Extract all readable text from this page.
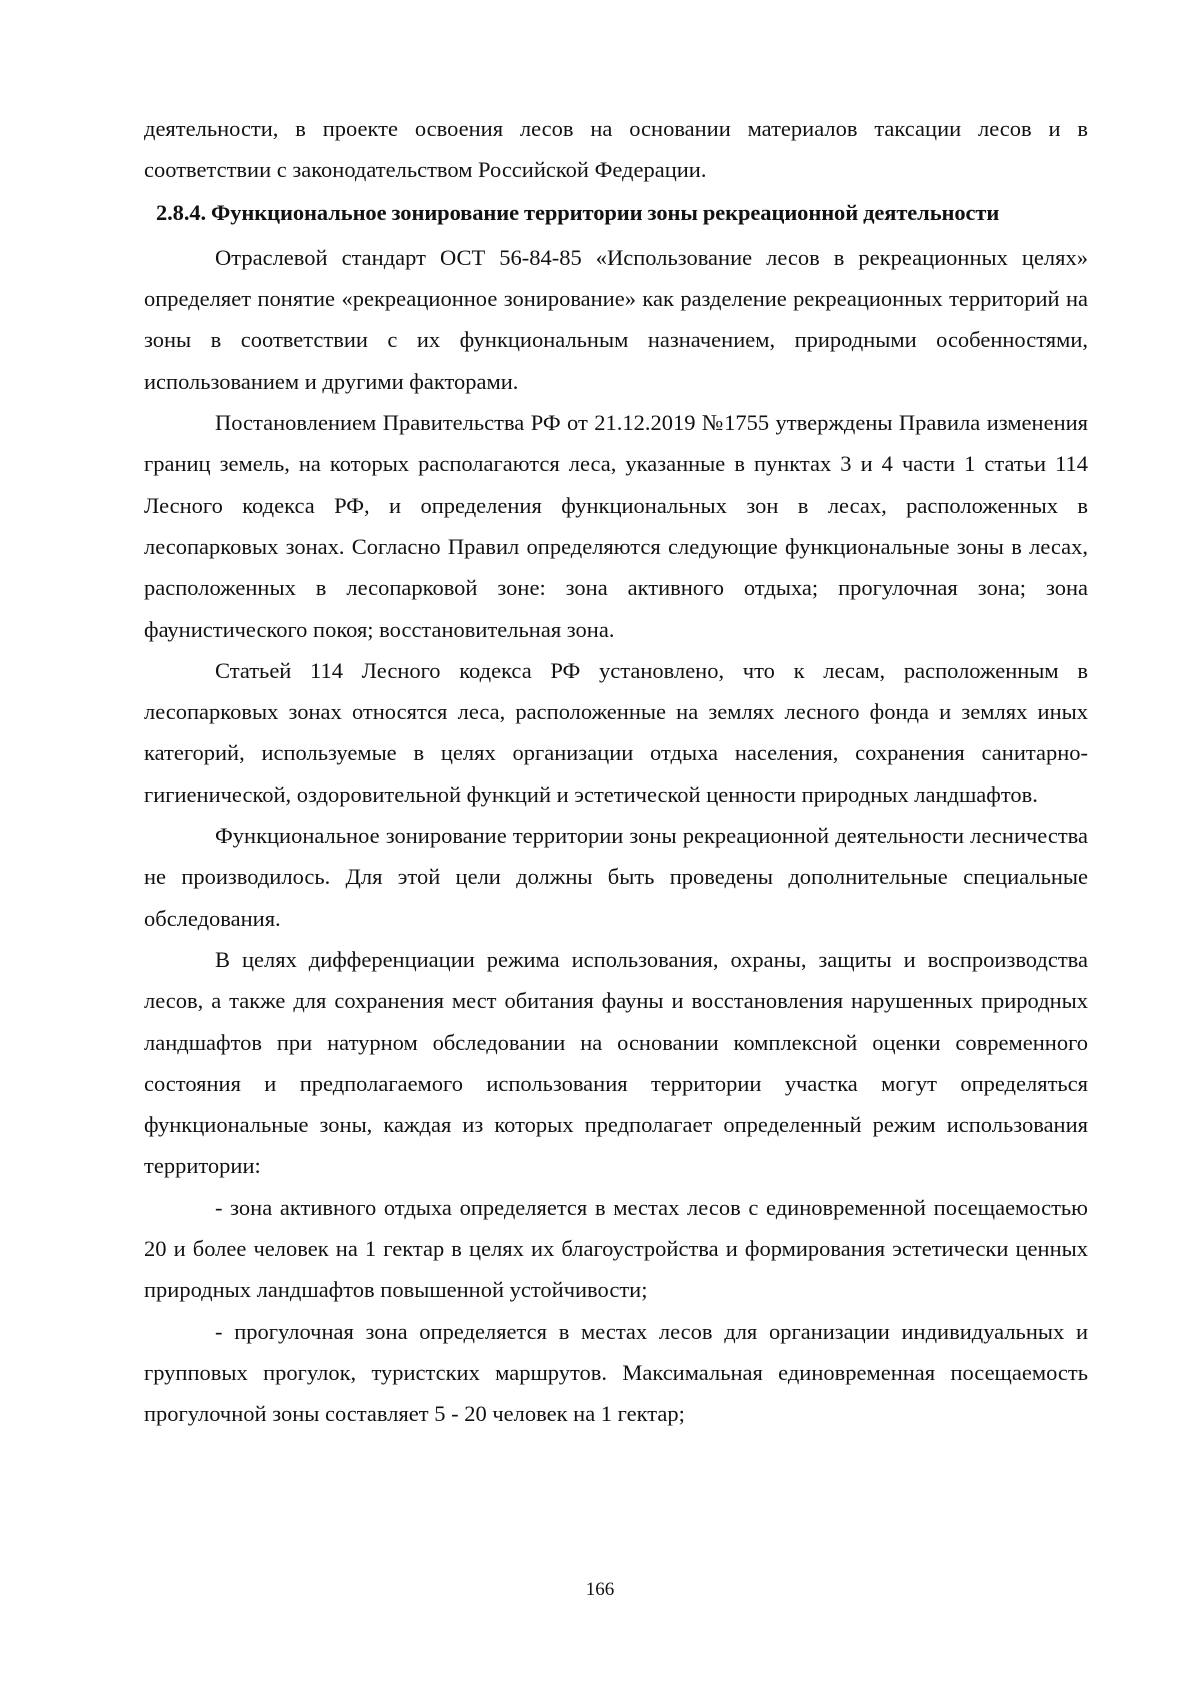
деятельности, в проекте освоения лесов на основании материалов таксации лесов и в соответствии с законодательством Российской Федерации.

2.8.4. Функциональное зонирование территории зоны рекреационной деятельности

Отраслевой стандарт ОСТ 56-84-85 «Использование лесов в рекреационных целях» определяет понятие «рекреационное зонирование» как разделение рекреационных территорий на зоны в соответствии с их функциональным назначением, природными особенностями, использованием и другими факторами.

Постановлением Правительства РФ от 21.12.2019 №1755 утверждены Правила изменения границ земель, на которых располагаются леса, указанные в пунктах 3 и 4 части 1 статьи 114 Лесного кодекса РФ, и определения функциональных зон в лесах, расположенных в лесопарковых зонах. Согласно Правил определяются следующие функциональные зоны в лесах, расположенных в лесопарковой зоне: зона активного отдыха; прогулочная зона; зона фаунистического покоя; восстановительная зона.

Статьей 114 Лесного кодекса РФ установлено, что к лесам, расположенным в лесопарковых зонах относятся леса, расположенные на землях лесного фонда и землях иных категорий, используемые в целях организации отдыха населения, сохранения санитарно-гигиенической, оздоровительной функций и эстетической ценности природных ландшафтов.

Функциональное зонирование территории зоны рекреационной деятельности лесничества не производилось. Для этой цели должны быть проведены дополнительные специальные обследования.

В целях дифференциации режима использования, охраны, защиты и воспроизводства лесов, а также для сохранения мест обитания фауны и восстановления нарушенных природных ландшафтов при натурном обследовании на основании комплексной оценки современного состояния и предполагаемого использования территории участка могут определяться функциональные зоны, каждая из которых предполагает определенный режим использования территории:

- зона активного отдыха определяется в местах лесов с единовременной посещаемостью 20 и более человек на 1 гектар в целях их благоустройства и формирования эстетически ценных природных ландшафтов повышенной устойчивости;

- прогулочная зона определяется в местах лесов для организации индивидуальных и групповых прогулок, туристских маршрутов. Максимальная единовременная посещаемость прогулочной зоны составляет 5 - 20 человек на 1 гектар;

166
